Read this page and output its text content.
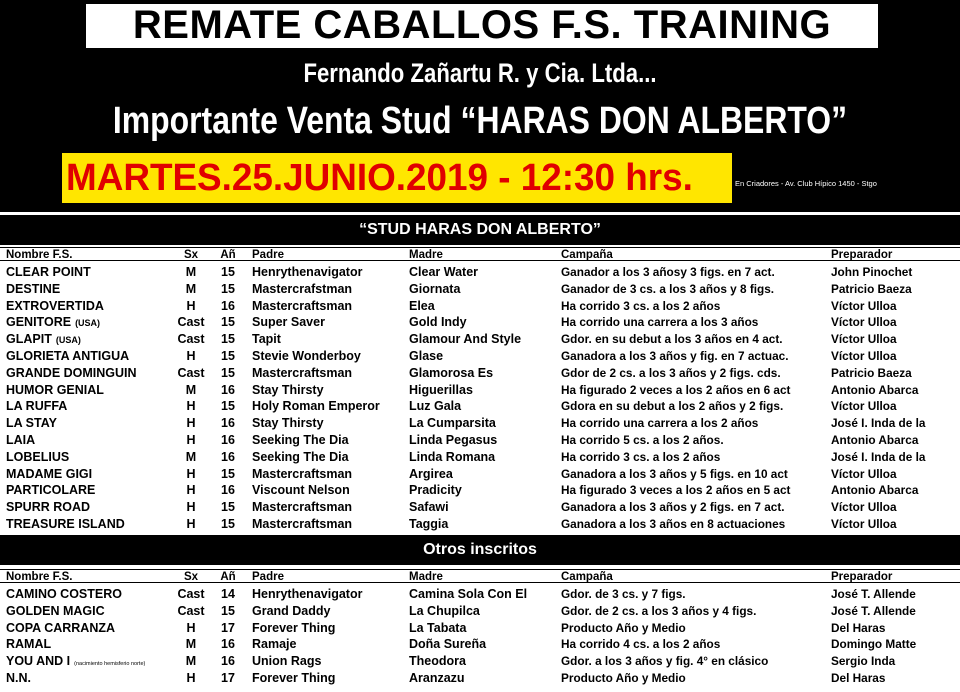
REMATE CABALLOS F.S. TRAINING
Fernando Zañartu R. y Cia. Ltda...
Importante Venta Stud “HARAS DON ALBERTO”
MARTES.25.JUNIO.2019 - 12:30 hrs.	En Criadores - Av. Club Hípico 1450 - Stgo
“STUD HARAS DON ALBERTO”
Nombre F.S.	Sx	Añ	Padre	Madre	Campaña	Preparador
CLEAR POINT	M	15	Henrythenavigator	Clear Water	Ganador a los 3 añosy 3 figs. en 7 act.	John Pinochet
DESTINE	M	15	Mastercrafstman	Giornata	Ganador de 3 cs. a los 3 años y 8 figs.	Patricio Baeza
EXTROVERTIDA	H	16	Mastercraftsman	Elea	Ha corrido 3 cs. a los 2 años	Víctor Ulloa
GENITORE (USA)	Cast	15	Super Saver	Gold Indy	Ha corrido una carrera a los 3 años	Víctor Ulloa
GLAPIT (USA)	Cast	15	Tapit	Glamour And Style	Gdor. en su debut a los 3 años en 4 act.	Víctor Ulloa
GLORIETA ANTIGUA	H	15	Stevie Wonderboy	Glase	Ganadora a los 3 años y fig. en 7 actuac.	Víctor Ulloa
GRANDE DOMINGUIN	Cast	15	Mastercraftsman	Glamorosa Es	Gdor de 2 cs. a los 3 años y 2 figs. cds.	Patricio Baeza
HUMOR GENIAL	M	16	Stay Thirsty	Higuerillas	Ha figurado 2 veces a los 2 años en 6 act	Antonio Abarca
LA RUFFA	H	15	Holy Roman Emperor	Luz Gala	Gdora en su debut a los 2 años y 2 figs.	Víctor Ulloa
LA STAY	H	16	Stay Thirsty	La Cumparsita	Ha corrido una carrera a los 2 años	José I. Inda de la
LAIA	H	16	Seeking The Dia	Linda Pegasus	Ha corrido 5 cs. a los 2 años.	Antonio Abarca
LOBELIUS	M	16	Seeking The Dia	Linda Romana	Ha corrido 3 cs. a los 2 años	José I. Inda de la
MADAME GIGI	H	15	Mastercraftsman	Argirea	Ganadora a los 3 años y 5 figs. en 10 act	Víctor Ulloa
PARTICOLARE	H	16	Viscount Nelson	Pradicity	Ha figurado 3 veces a los 2 años en 5 act	Antonio Abarca
SPURR ROAD	H	15	Mastercraftsman	Safawi	Ganadora a los 3 años y 2 figs. en 7 act.	Víctor Ulloa
TREASURE ISLAND	H	15	Mastercraftsman	Taggia	Ganadora a los 3 años en 8 actuaciones	Víctor Ulloa
Otros inscritos
Nombre F.S.	Sx	Añ	Padre	Madre	Campaña	Preparador
CAMINO COSTERO	Cast	14	Henrythenavigator	Camina Sola Con El	Gdor. de 3 cs. y 7 figs.	José T. Allende
GOLDEN MAGIC	Cast	15	Grand Daddy	La Chupilca	Gdor. de 2 cs. a los 3 años y 4 figs.	José T. Allende
COPA CARRANZA	H	17	Forever Thing	La Tabata	Producto Año y Medio	Del Haras
RAMAL	M	16	Ramaje	Doña Sureña	Ha corrido 4 cs. a los 2 años	Domingo Matte
YOU AND I (nacimiento hemisferio norte)	M	16	Union Rags	Theodora	Gdor. a los 3 años y fig. 4° en clásico	Sergio Inda
N.N.	H	17	Forever Thing	Aranzazu	Producto Año y Medio	Del Haras
